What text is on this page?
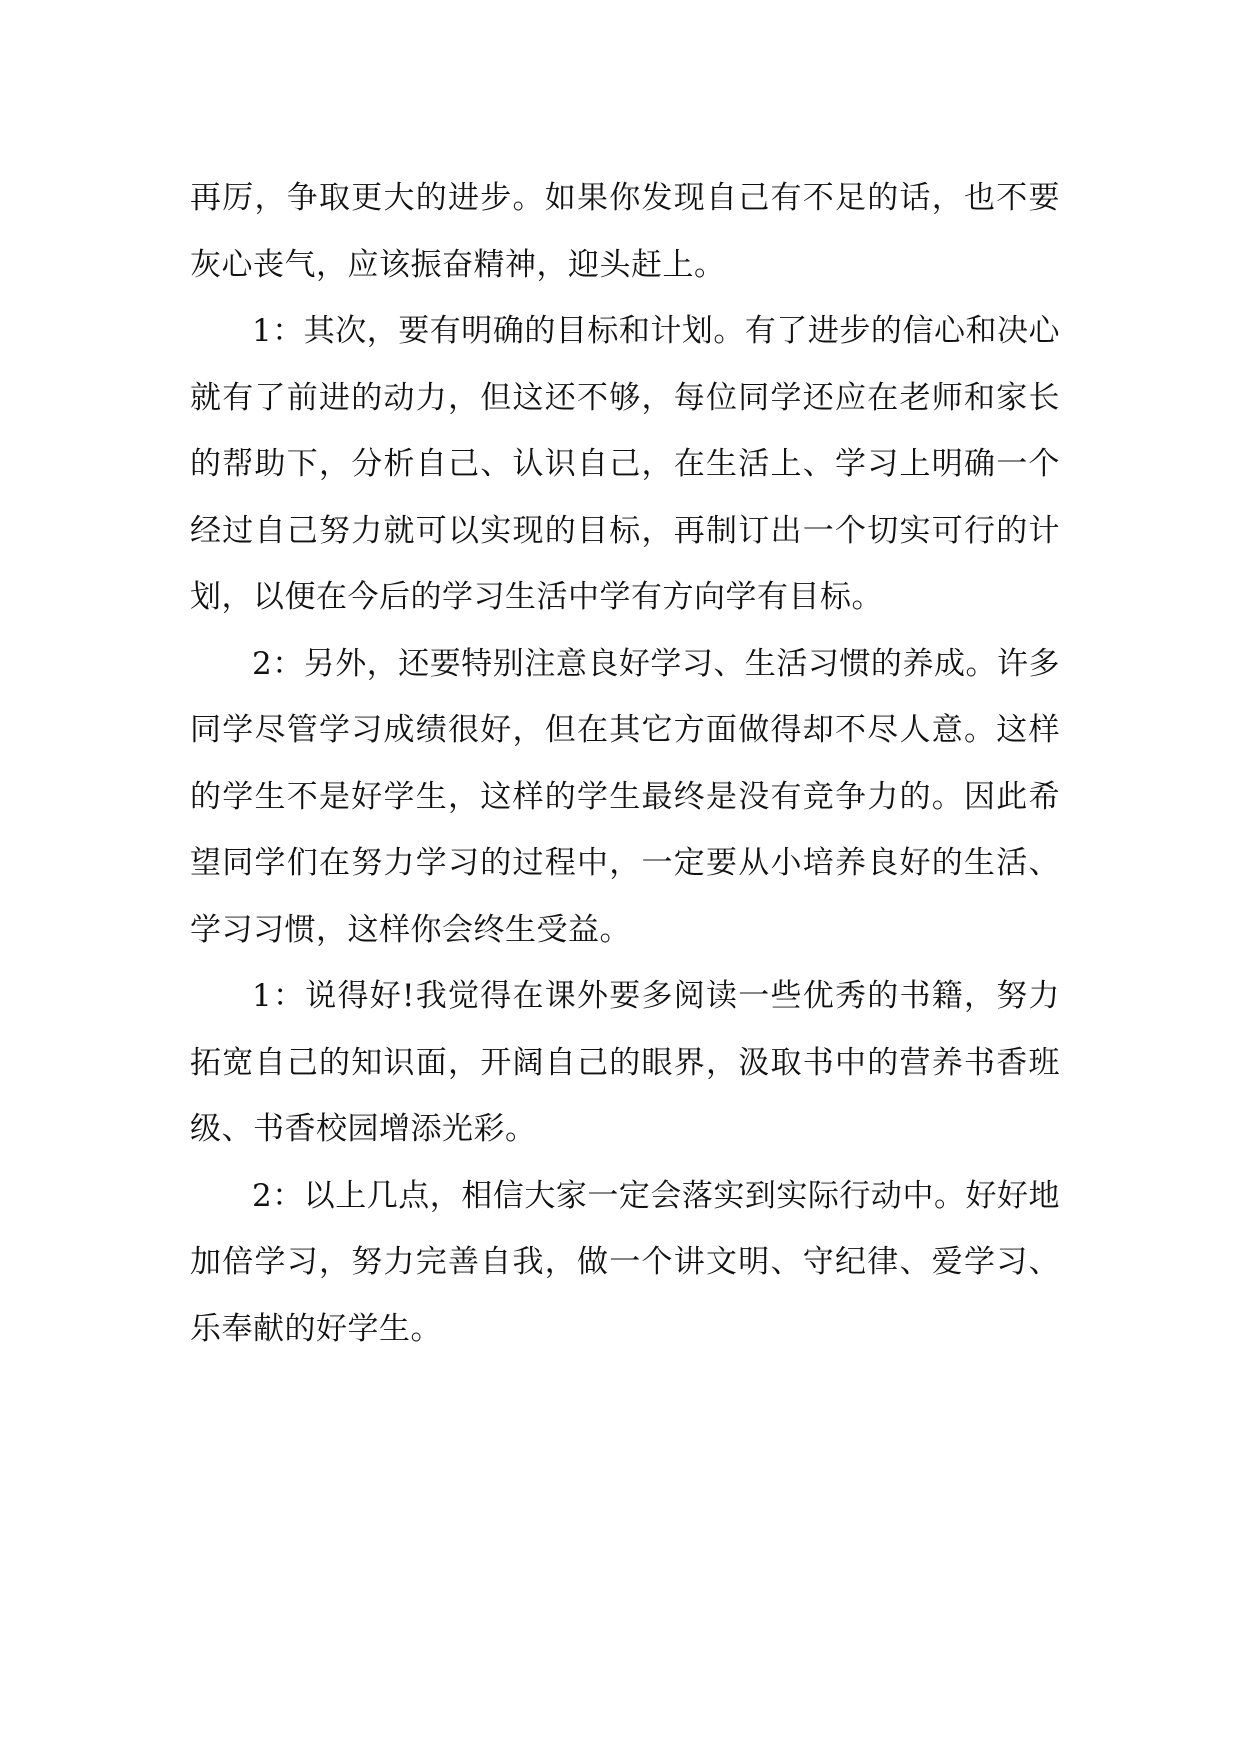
再厉，争取更大的进步。如果你发现自己有不足的话，也不要灰心丧气，应该振奋精神，迎头赶上。

1：其次，要有明确的目标和计划。有了进步的信心和决心就有了前进的动力，但这还不够，每位同学还应在老师和家长的帮助下，分析自己、认识自己，在生活上、学习上明确一个经过自己努力就可以实现的目标，再制订出一个切实可行的计划，以便在今后的学习生活中学有方向学有目标。

2：另外，还要特别注意良好学习、生活习惯的养成。许多同学尽管学习成绩很好，但在其它方面做得却不尽人意。这样的学生不是好学生，这样的学生最终是没有竞争力的。因此希望同学们在努力学习的过程中，一定要从小培养良好的生活、学习习惯，这样你会终生受益。

1：说得好!我觉得在课外要多阅读一些优秀的书籍，努力拓宽自己的知识面，开阔自己的眼界，汲取书中的营养书香班级、书香校园增添光彩。

2：以上几点，相信大家一定会落实到实际行动中。好好地加倍学习，努力完善自我，做一个讲文明、守纪律、爱学习、乐奉献的好学生。
